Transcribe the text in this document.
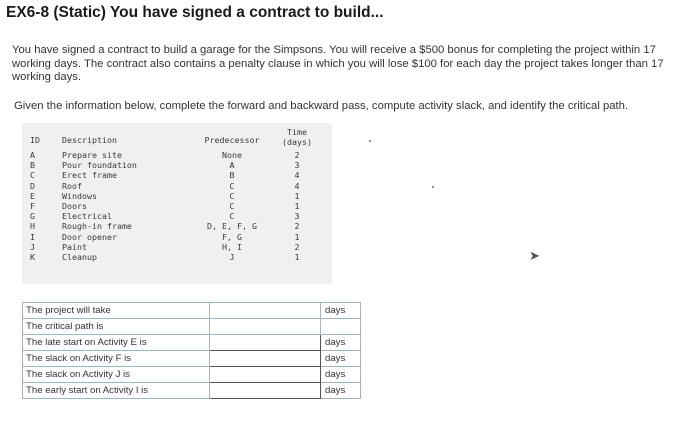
EX6-8 (Static) You have signed a contract to build...
You have signed a contract to build a garage for the Simpsons. You will receive a $500 bonus for completing the project within 17 working days. The contract also contains a penalty clause in which you will lose $100 for each day the project takes longer than 17 working days.
Given the information below, complete the forward and backward pass, compute activity slack, and identify the critical path.
ID	Description	Predecessor
Time
(days)
A	Prepare site	None	2
B	Pour foundation	A	3
C	Erect frame	B	4
D	Roof	C	4
E	Windows	C	1
F	Doors	C	1
G	Electrical	C	3
H	Rough-in frame	D, E, F, G	2
I	Door opener	F, G	1
J	Paint	H, I	2
K	Cleanup	J	1	➤
The project will take		days
The critical path is		
The late start on Activity E is		days
The slack on Activity F is		days
The slack on Activity J is		days
The early start on Activity I is		days
